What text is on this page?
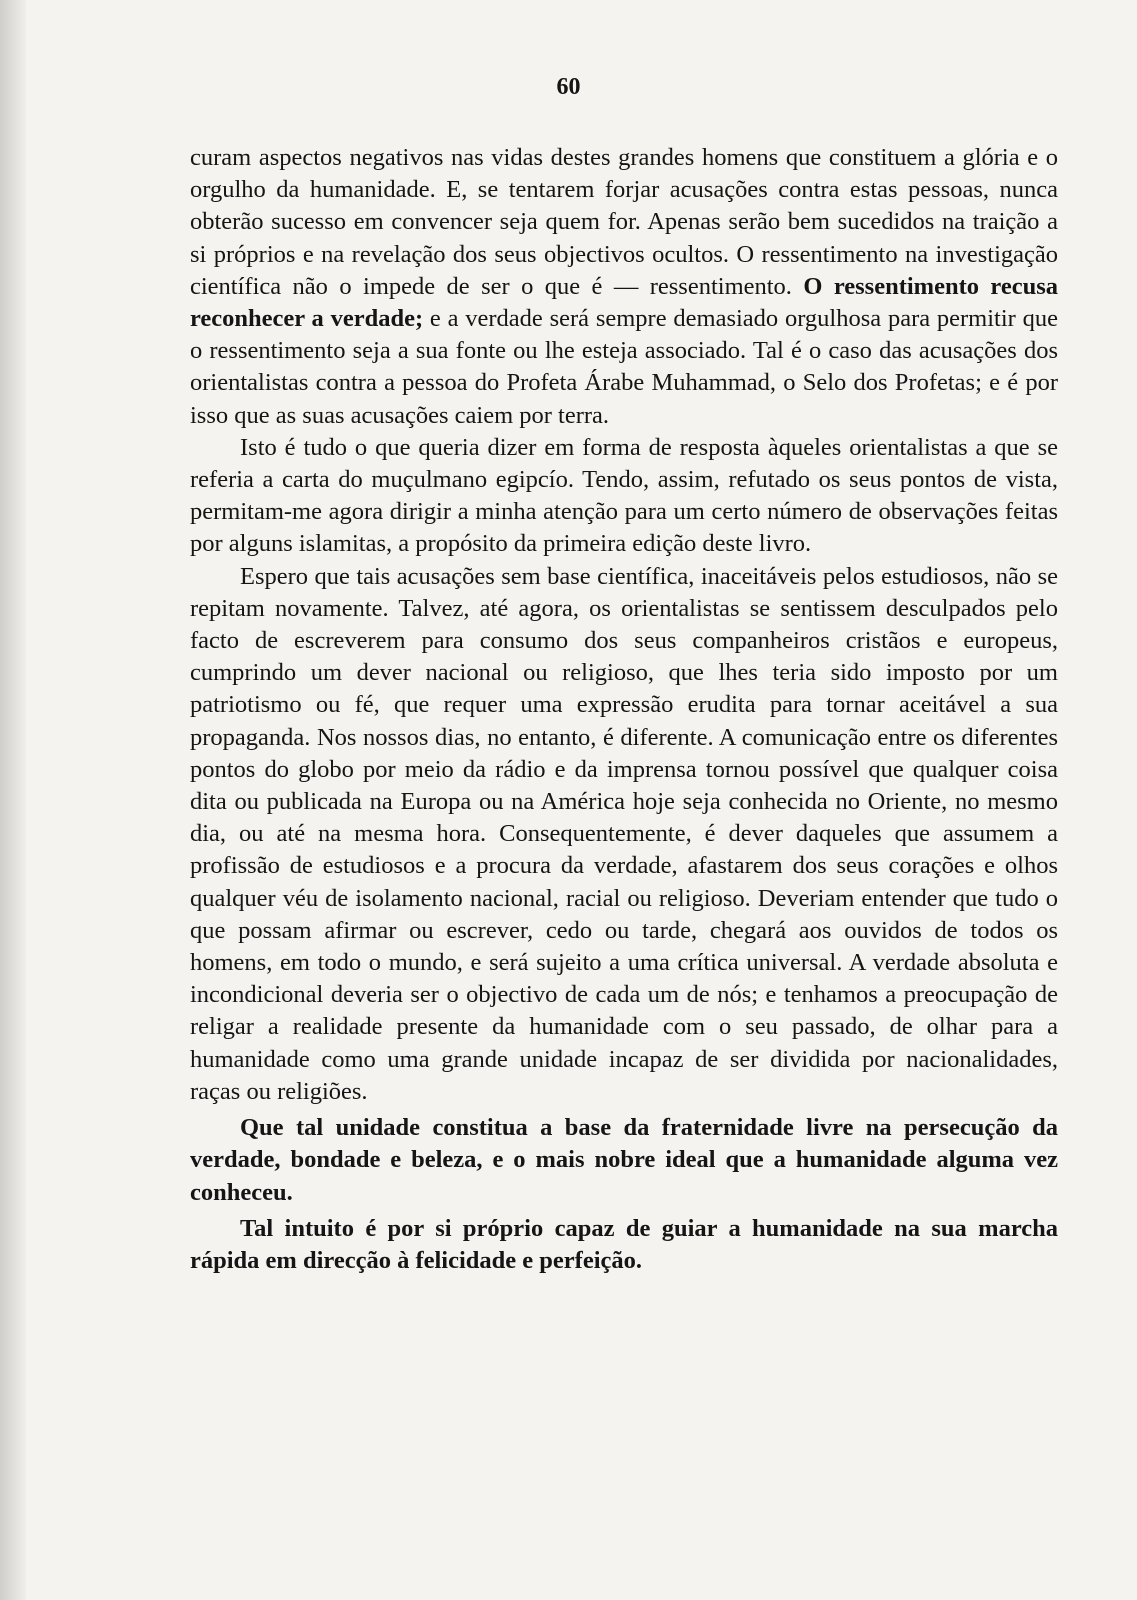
60

curam aspectos negativos nas vidas destes grandes homens que constituem a glória e o orgulho da humanidade. E, se tentarem forjar acusações contra estas pessoas, nunca obterão sucesso em convencer seja quem for. Apenas serão bem sucedidos na traição a si próprios e na revelação dos seus objectivos ocultos. O ressentimento na investigação científica não o impede de ser o que é — ressentimento. O ressentimento recusa reconhecer a verdade; e a verdade será sempre demasiado orgulhosa para permitir que o ressentimento seja a sua fonte ou lhe esteja associado. Tal é o caso das acusações dos orientalistas contra a pessoa do Profeta Árabe Muhammad, o Selo dos Profetas; e é por isso que as suas acusações caiem por terra.

Isto é tudo o que queria dizer em forma de resposta àqueles orientalistas a que se referia a carta do muçulmano egipcío. Tendo, assim, refutado os seus pontos de vista, permitam-me agora dirigir a minha atenção para um certo número de observações feitas por alguns islamitas, a propósito da primeira edição deste livro.

Espero que tais acusações sem base científica, inaceitáveis pelos estudiosos, não se repitam novamente. Talvez, até agora, os orientalistas se sentissem desculpados pelo facto de escreverem para consumo dos seus companheiros cristãos e europeus, cumprindo um dever nacional ou religioso, que lhes teria sido imposto por um patriotismo ou fé, que requer uma expressão erudita para tornar aceitável a sua propaganda. Nos nossos dias, no entanto, é diferente. A comunicação entre os diferentes pontos do globo por meio da rádio e da imprensa tornou possível que qualquer coisa dita ou publicada na Europa ou na América hoje seja conhecida no Oriente, no mesmo dia, ou até na mesma hora. Consequentemente, é dever daqueles que assumem a profissão de estudiosos e a procura da verdade, afastarem dos seus corações e olhos qualquer véu de isolamento nacional, racial ou religioso. Deveriam entender que tudo o que possam afirmar ou escrever, cedo ou tarde, chegará aos ouvidos de todos os homens, em todo o mundo, e será sujeito a uma crítica universal. A verdade absoluta e incondicional deveria ser o objectivo de cada um de nós; e tenhamos a preocupação de religar a realidade presente da humanidade com o seu passado, de olhar para a humanidade como uma grande unidade incapaz de ser dividida por nacionalidades, raças ou religiões.

Que tal unidade constitua a base da fraternidade livre na persecução da verdade, bondade e beleza, e o mais nobre ideal que a humanidade alguma vez conheceu.

Tal intuito é por si próprio capaz de guiar a humanidade na sua marcha rápida em direcção à felicidade e perfeição.
